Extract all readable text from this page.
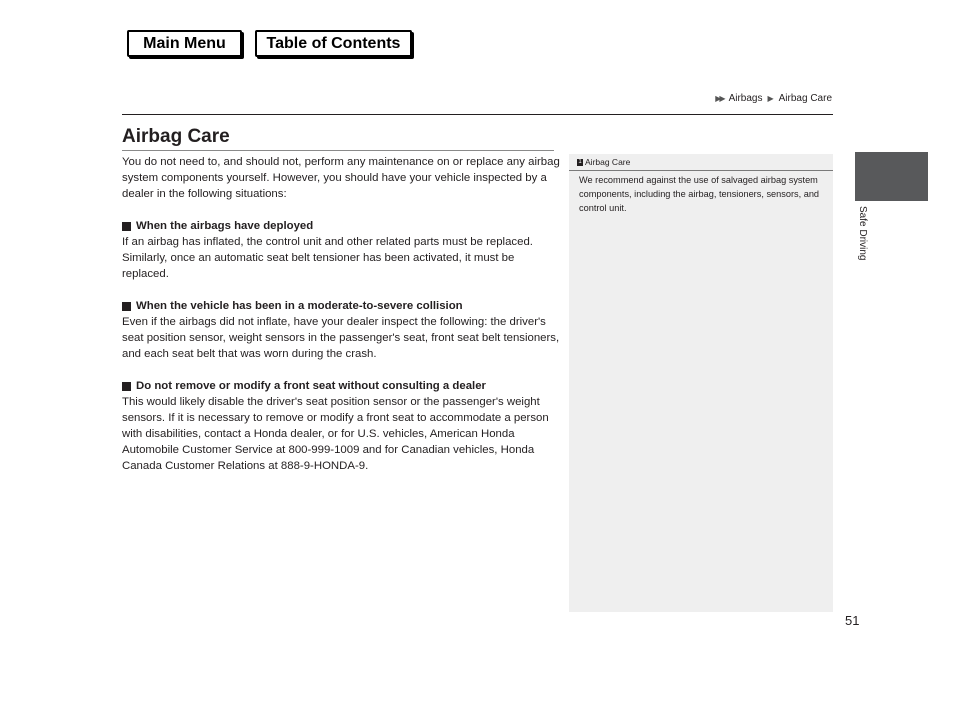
Main Menu	Table of Contents
▶▶ Airbags ▶ Airbag Care
Safe Driving
Airbag Care

You do not need to, and should not, perform any maintenance on or replace any airbag system components yourself. However, you should have your vehicle inspected by a dealer in the following situations:

When the airbags have deployed

If an airbag has inflated, the control unit and other related parts must be replaced. Similarly, once an automatic seat belt tensioner has been activated, it must be replaced.

When the vehicle has been in a moderate-to-severe collision

Even if the airbags did not inflate, have your dealer inspect the following: the driver's seat position sensor, weight sensors in the passenger's seat, front seat belt tensioners, and each seat belt that was worn during the crash.

Do not remove or modify a front seat without consulting a dealer

This would likely disable the driver's seat position sensor or the passenger's weight sensors. If it is necessary to remove or modify a front seat to accommodate a person with disabilities, contact a Honda dealer, or for U.S. vehicles, American Honda Automobile Customer Service at 800-999-1009 and for Canadian vehicles, Honda Canada Customer Relations at 888-9-HONDA-9.

1 Airbag Care

We recommend against the use of salvaged airbag system components, including the airbag, tensioners, sensors, and control unit.

51
